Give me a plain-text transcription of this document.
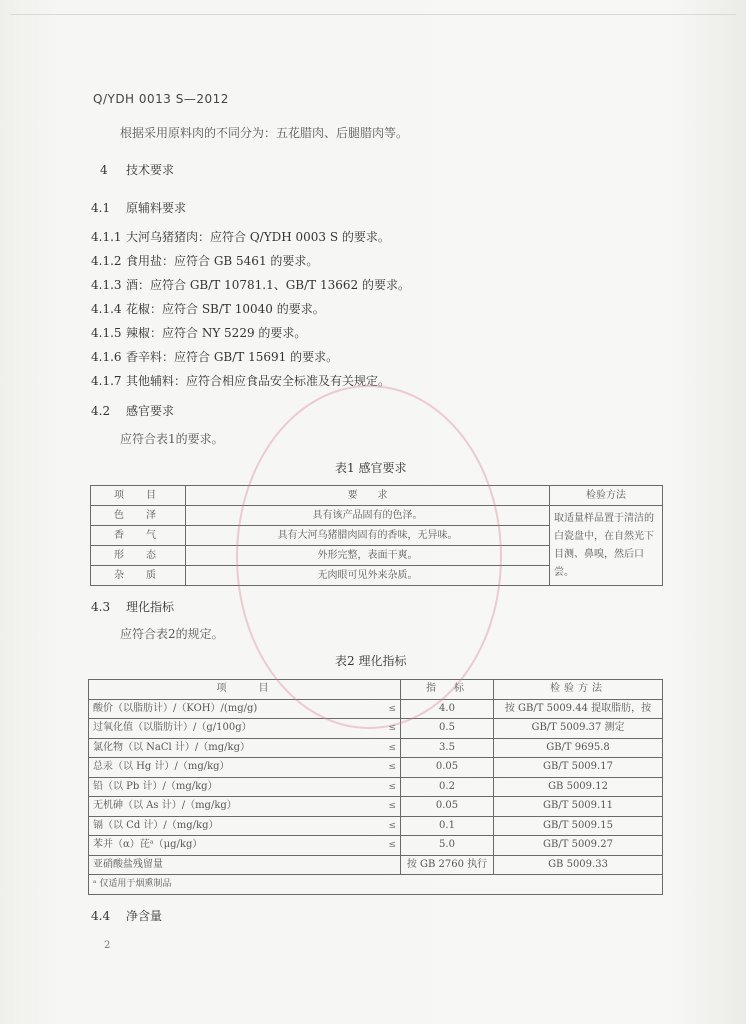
Q/YDH 0013 S—2012
根据采用原料肉的不同分为：五花腊肉、后腿腊肉等。
4 技术要求
4.1 原辅料要求
4.1.1 大河乌猪猪肉：应符合 Q/YDH 0003 S 的要求。
4.1.2 食用盐：应符合 GB 5461 的要求。
4.1.3 酒：应符合 GB/T 10781.1、GB/T 13662 的要求。
4.1.4 花椒：应符合 SB/T 10040 的要求。
4.1.5 辣椒：应符合 NY 5229 的要求。
4.1.6 香辛料：应符合 GB/T 15691 的要求。
4.1.7 其他辅料：应符合相应食品安全标准及有关规定。
4.2 感官要求
应符合表1的要求。
表1 感官要求
项　目	要　　求	检验方法
色　泽	具有该产品固有的色泽。	取适量样品置于清洁的白瓷盘中，在自然光下目测、鼻嗅，然后口尝。
香　气	具有大河乌猪腊肉固有的香味，无异味。	
形　态	外形完整，表面干爽。	
杂　质	无肉眼可见外来杂质。	
4.3 理化指标
应符合表2的规定。
表2 理化指标
项　　目	指　标	检验方法

≤
酸价（以脂肪计）/（KOH）/(mg/g)	4.0	按 GB/T 5009.44 提取脂肪，按

≤
过氧化值（以脂肪计）/（g/100g）	0.5	GB/T 5009.37 测定

≤
氯化物（以 NaCl 计）/（mg/kg）	3.5	GB/T 9695.8

≤
总汞（以 Hg 计）/（mg/kg）	0.05	GB/T 5009.17

≤
铅（以 Pb 计）/（mg/kg）	0.2	GB 5009.12

≤
无机砷（以 As 计）/（mg/kg）	0.05	GB/T 5009.11

≤
镉（以 Cd 计）/（mg/kg）	0.1	GB/T 5009.15

≤
苯并（α）芘ᵃ（μg/kg）	5.0	GB/T 5009.27

亚硝酸盐残留量	按 GB 2760 执行	GB 5009.33
ᵃ 仅适用于烟熏制品		
4.4 净含量
2
